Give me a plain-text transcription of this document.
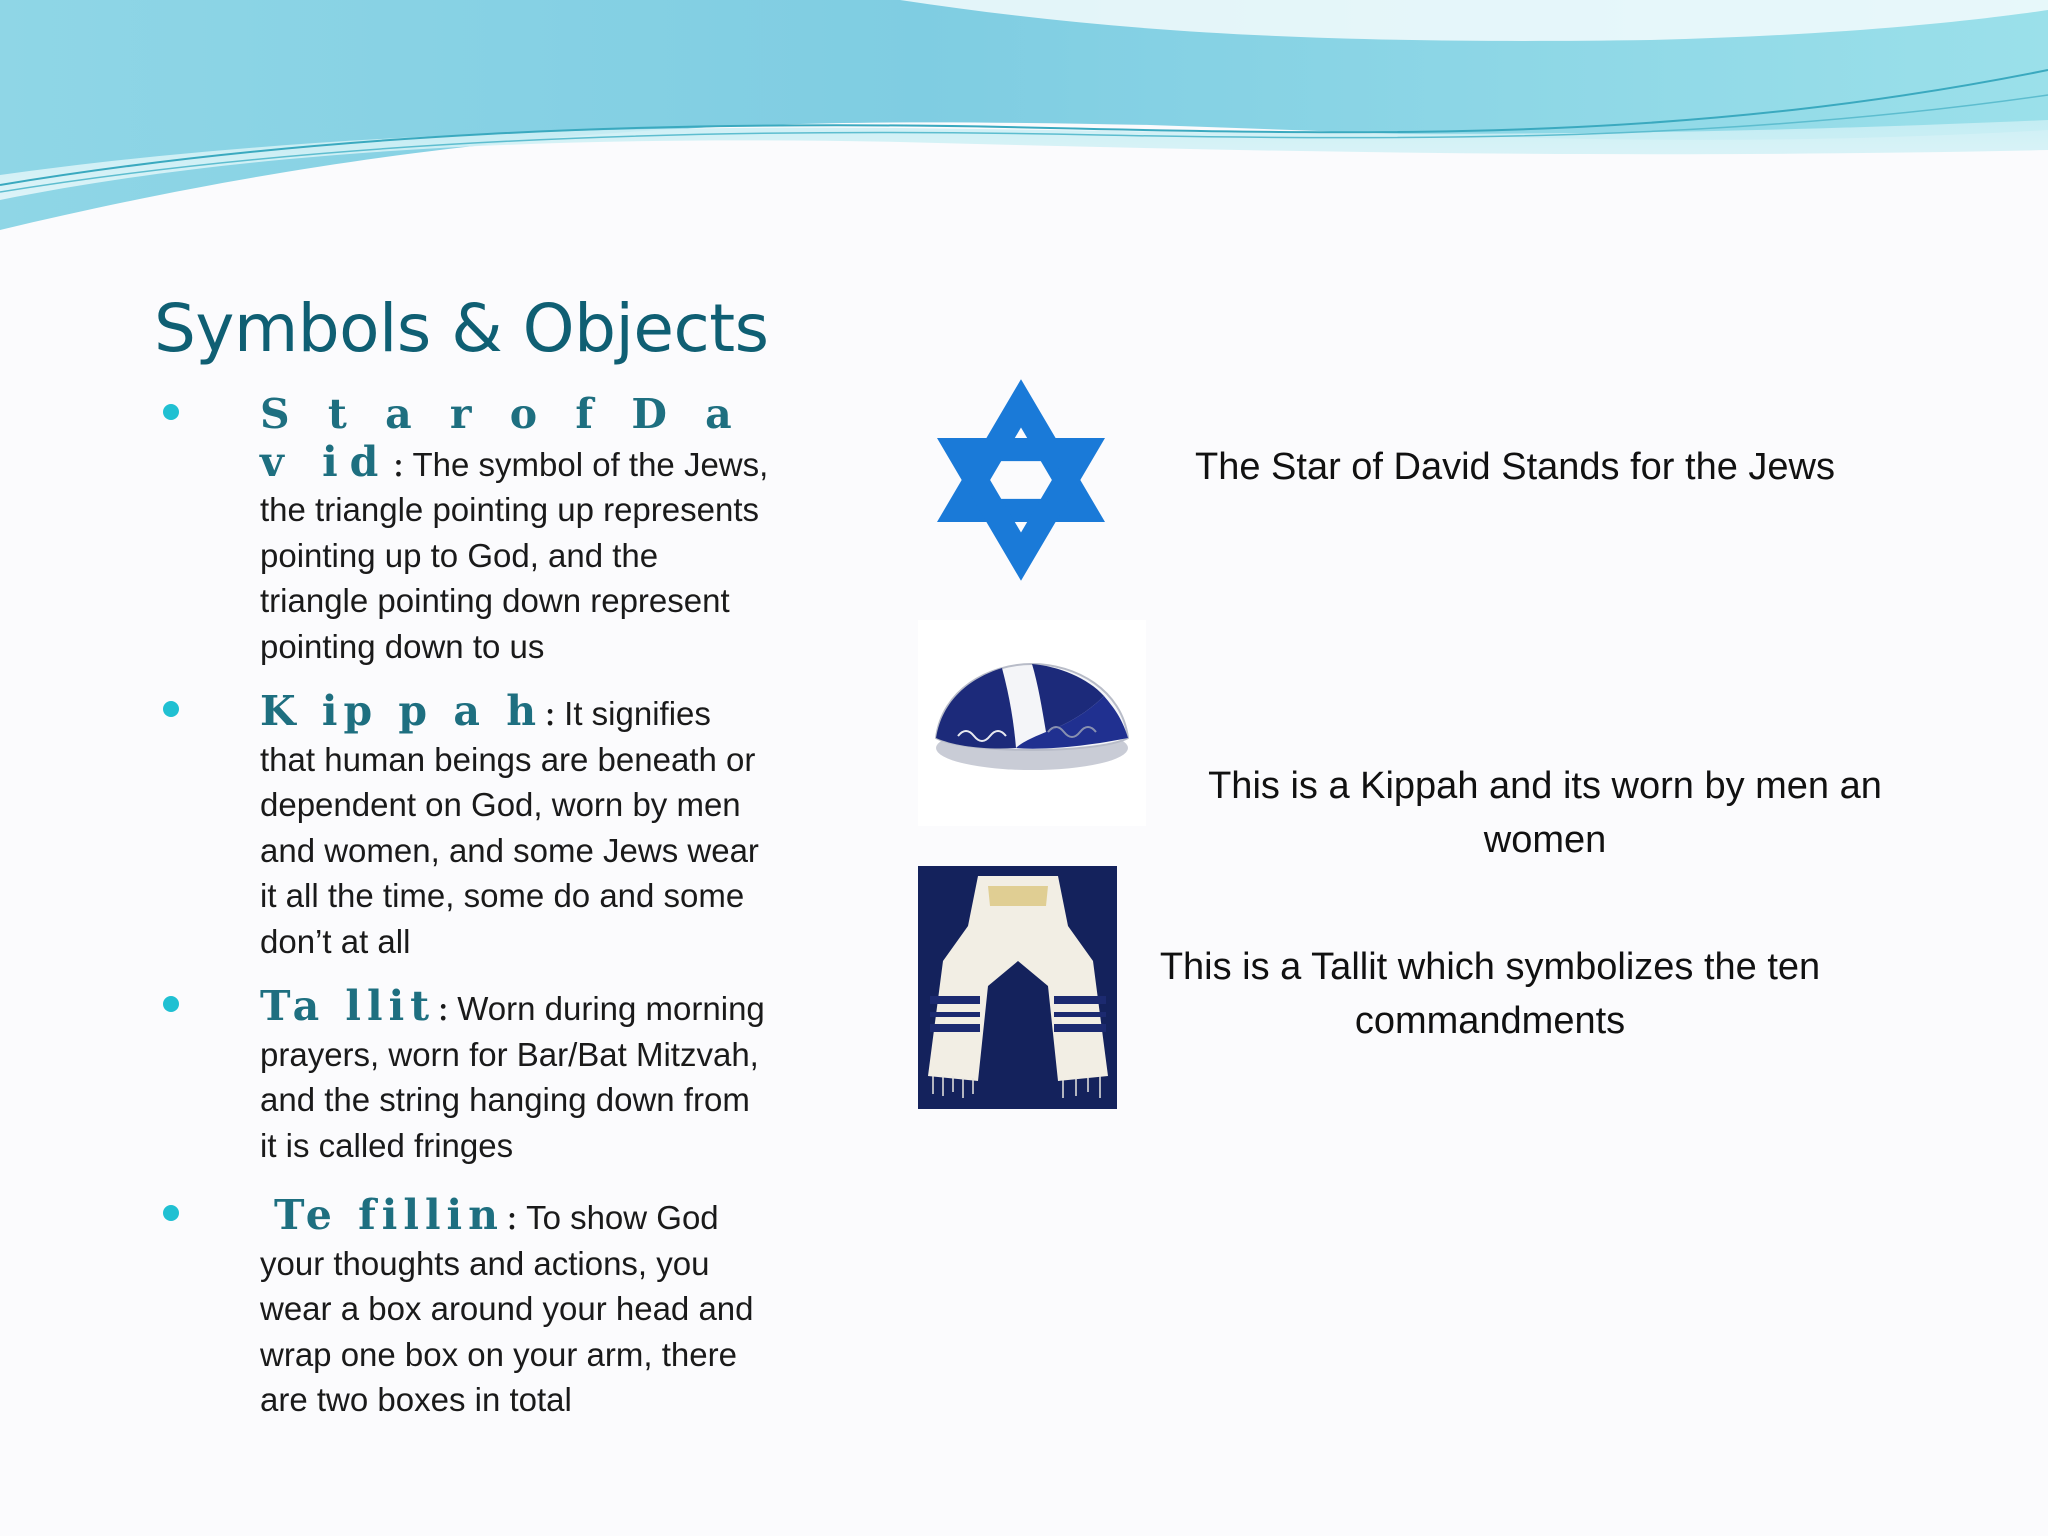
Symbols & Objects
S t a r o f D a v id: The symbol of the Jews, the triangle pointing up represents pointing up to God, and the triangle pointing down represent pointing down to us
K ip p a h: It signifies that human beings are beneath or dependent on God, worn by men and women, and some Jews wear it all the time, some do and some don’t at all
Ta llit: Worn during morning prayers, worn for Bar/Bat Mitzvah, and the string hanging down from it is called fringes
Te fillin: To show God your thoughts and actions, you wear a box around your head and wrap one box on your arm, there are two boxes in total
The Star of David Stands for the Jews
This is a Kippah and its worn by men an
women
This is a Tallit which symbolizes the ten
commandments
